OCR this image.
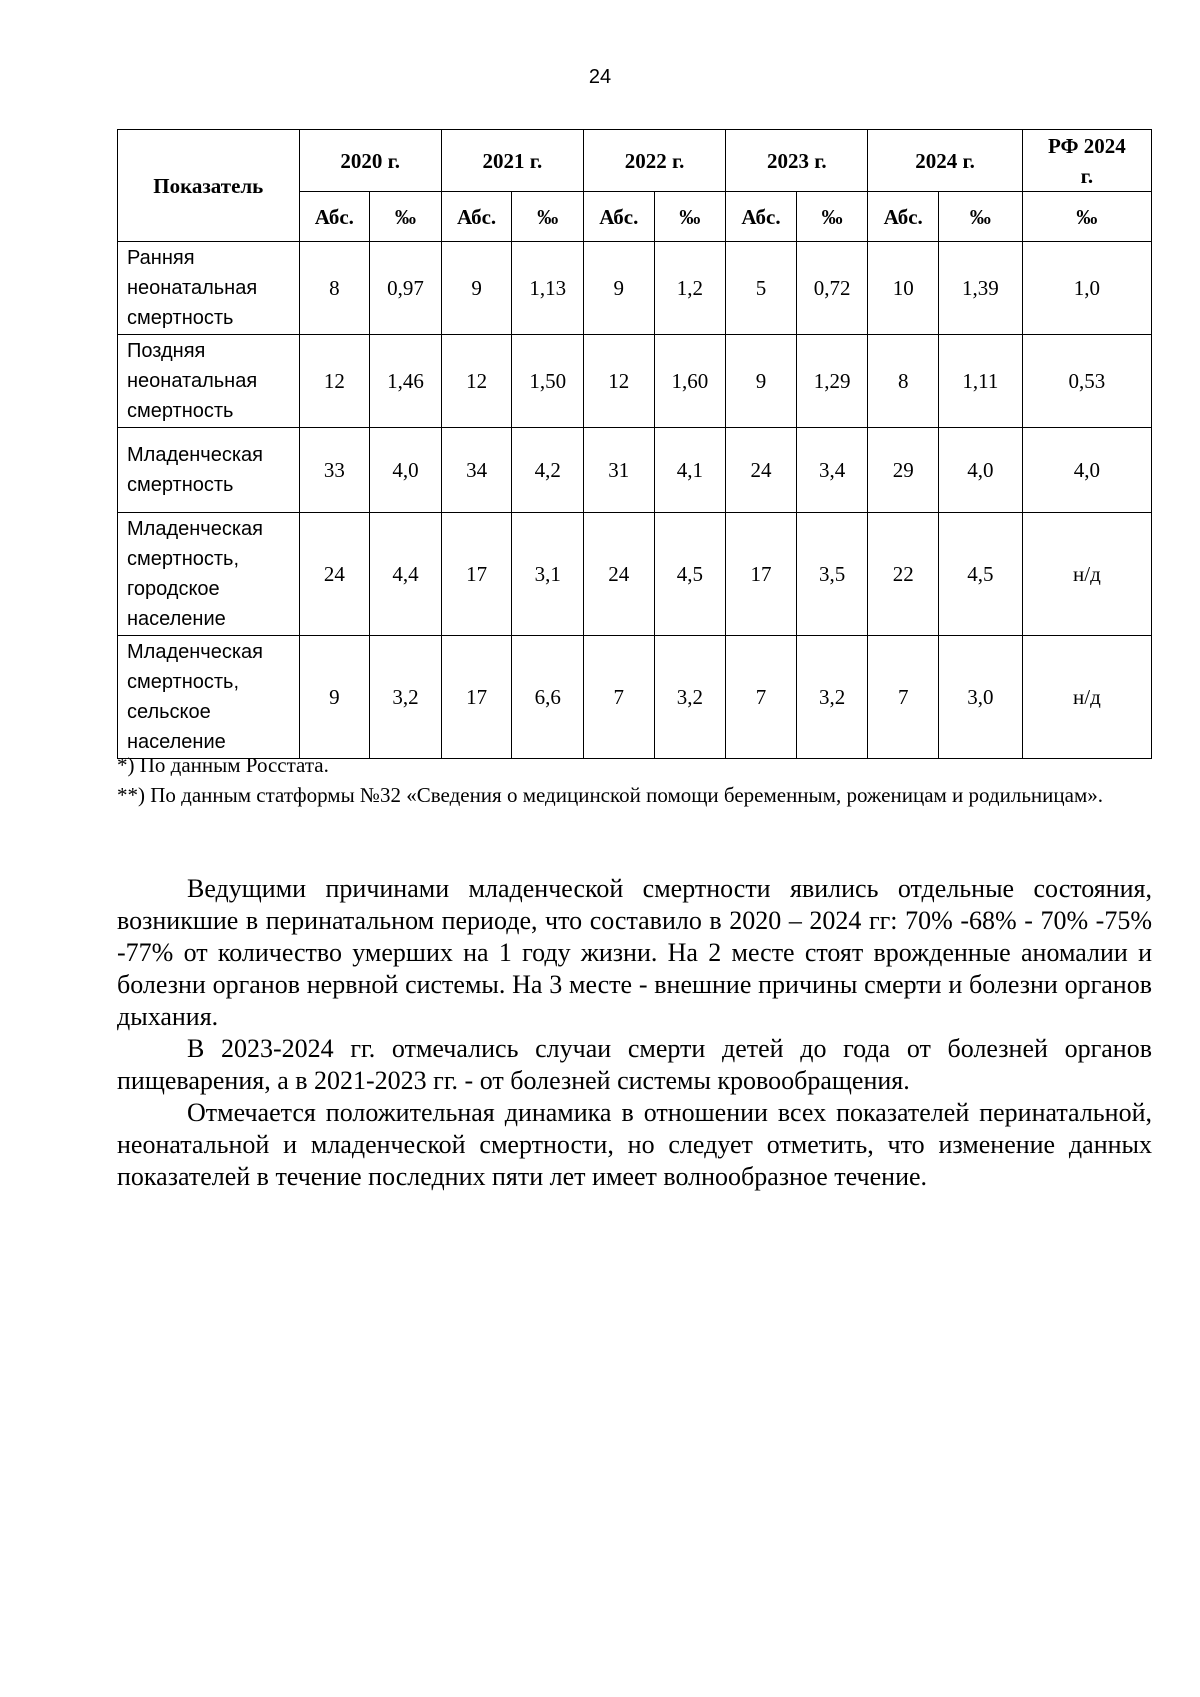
24
Показатель	2020 г.		2021 г.		2022 г.		2023 г.		2024 г.		РФ 2024
г.
	Абс.	‰	Абс.	‰	Абс.	‰	Абс.	‰	Абс.	‰	‰
Ранняя
неонатальная
смертность	8	0,97	9	1,13	9	1,2	5	0,72	10	1,39	1,0
Поздняя
неонатальная
смертность	12	1,46	12	1,50	12	1,60	9	1,29	8	1,11	0,53
Младенческая
смертность	33	4,0	34	4,2	31	4,1	24	3,4	29	4,0	4,0
Младенческая
смертность,
городское
население	24	4,4	17	3,1	24	4,5	17	3,5	22	4,5	н/д
Младенческая
смертность,
сельское
население	9	3,2	17	6,6	7	3,2	7	3,2	7	3,0	н/д

*) По данным Росстата.

**) По данным статформы №32 «Сведения о медицинской помощи беременным, роженицам и родильницам».

Ведущими причинами младенческой смертности явились отдельные состояния, возникшие в перинатальном периоде, что составило в 2020 – 2024 гг: 70% -68% - 70% -75% -77% от количество умерших на 1 году жизни. На 2 месте стоят врожденные аномалии и болезни органов нервной системы. На 3 месте - внешние причины смерти и болезни органов дыхания.

В 2023-2024 гг. отмечались случаи смерти детей до года от болезней органов пищеварения, а в 2021-2023 гг. - от болезней системы кровообращения.

Отмечается положительная динамика в отношении всех показателей перинатальной, неонатальной и младенческой смертности, но следует отметить, что изменение данных показателей в течение последних пяти лет имеет волнообразное течение.
